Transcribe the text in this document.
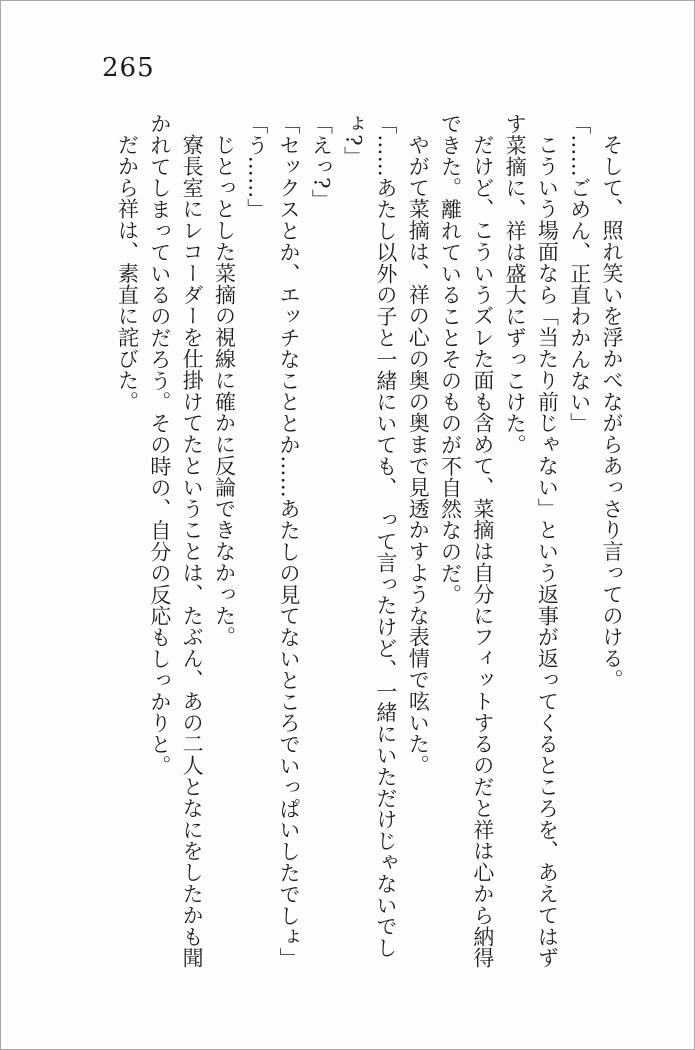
265

そして、照れ笑いを浮かべながらあっさり言ってのける。

「……ごめん、正直わかんない」

こういう場面なら「当たり前じゃない」という返事が返ってくるところを、あえてはずす菜摘に、祥は盛大にずっこけた。

だけど、こういうズレた面も含めて、菜摘は自分にフィットするのだと祥は心から納得できた。離れていることそのものが不自然なのだ。

やがて菜摘は、祥の心の奥の奥まで見透かすような表情で呟いた。

「……あたし以外の子と一緒にいても、　って言ったけど、一緒にいただけじゃないでしょ?」

「えっ?」

「セックスとか、エッチなこととか……あたしの見てないところでいっぱいしたでしょ」

「う……」

じとっとした菜摘の視線に確かに反論できなかった。

寮長室にレコーダーを仕掛けてたということは、たぶん、あの二人となにをしたかも聞かれてしまっているのだろう。その時の、自分の反応もしっかりと。

だから祥は、素直に詫びた。
